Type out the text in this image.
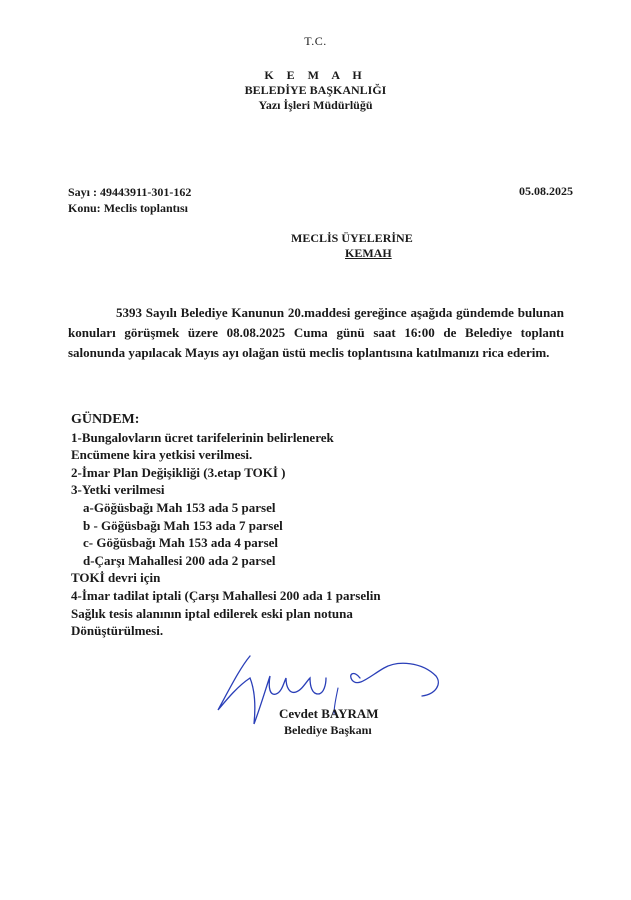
T.C.
K E M A H
BELEDİYE BAŞKANLIĞI
Yazı İşleri Müdürlüğü
Sayı : 49443911-301-162
Konu: Meclis toplantısı
05.08.2025
MECLİS ÜYELERİNE
KEMAH
5393 Sayılı Belediye Kanunun 20.maddesi gereğince aşağıda gündemde bulunan konuları görüşmek üzere 08.08.2025 Cuma günü saat 16:00 de Belediye toplantı salonunda yapılacak Mayıs ayı olağan üstü meclis toplantısına katılmanızı rica ederim.
GÜNDEM:
1-Bungalovların ücret tarifelerinin belirlenerek
Encümene kira yetkisi verilmesi.
2-İmar Plan Değişikliği (3.etap TOKİ )
3-Yetki verilmesi
a-Göğüsbağı Mah 153 ada 5 parsel
b - Göğüsbağı Mah 153 ada 7 parsel
c- Göğüsbağı Mah 153 ada 4 parsel
d-Çarşı Mahallesi 200 ada 2 parsel
TOKİ devri için
4-İmar tadilat iptali (Çarşı Mahallesi 200 ada 1 parselin
Sağlık tesis alanının iptal edilerek eski plan notuna
Dönüştürülmesi.
Cevdet BAYRAM
Belediye Başkanı
